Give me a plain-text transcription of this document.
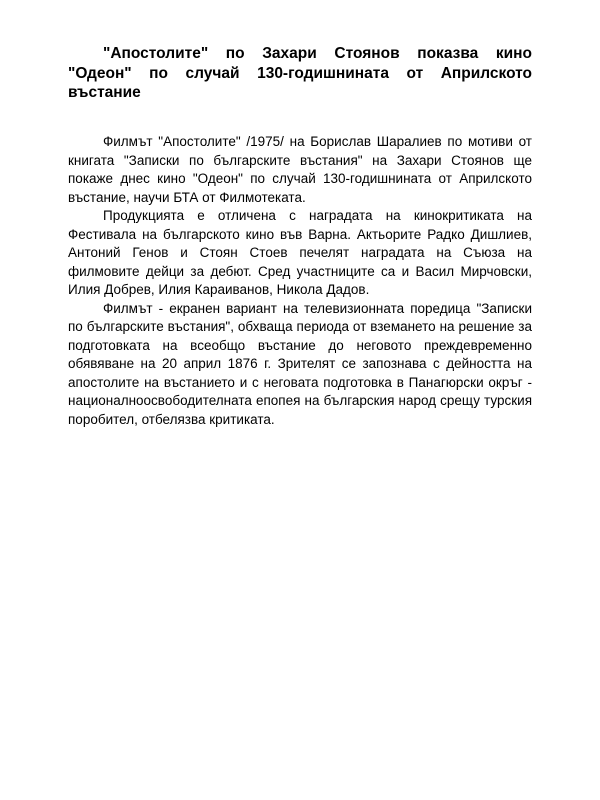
"Апостолите" по Захари Стоянов показва кино "Одеон" по случай 130-годишнината от Априлското въстание

Филмът "Апостолите" /1975/ на Борислав Шаралиев по мотиви от книгата "Записки по българските въстания" на Захари Стоянов ще покаже днес кино "Одеон" по случай 130-годишнината от Априлското въстание, научи БТА от Филмотеката.

Продукцията е отличена с наградата на кинокритиката на Фестивала на българското кино във Варна. Актьорите Радко Дишлиев, Антоний Генов и Стоян Стоев печелят наградата на Съюза на филмовите дейци за дебют. Сред участниците са и Васил Мирчовски, Илия Добрев, Илия Караиванов, Никола Дадов.

Филмът - екранен вариант на телевизионната поредица "Записки по българските въстания", обхваща периода от вземането на решение за подготовката на всеобщо въстание до неговото преждевременно обявяване на 20 април 1876 г. Зрителят се запознава с дейността на апостолите на въстанието и с неговата подготовка в Панагюрски окръг - националноосвободителната епопея на българския народ срещу турския поробител, отбелязва критиката.
